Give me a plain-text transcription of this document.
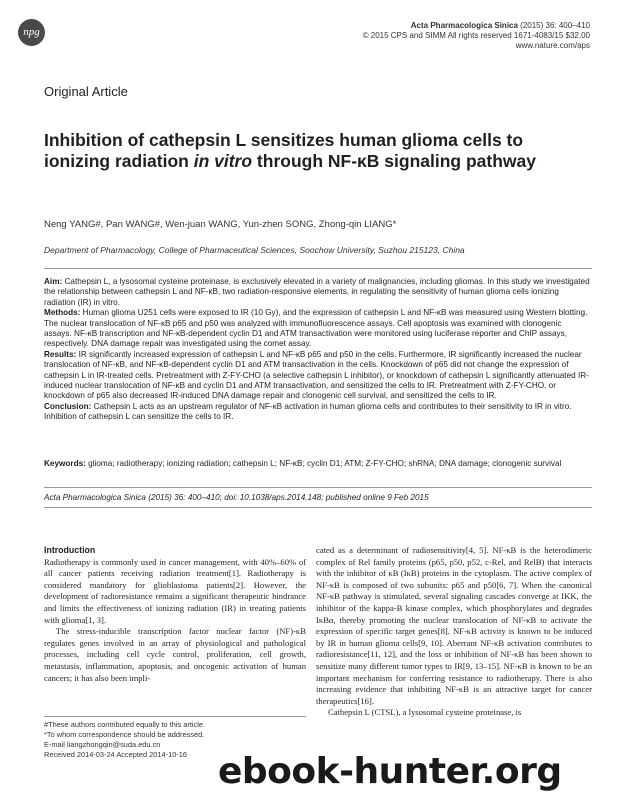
npg
Acta Pharmacologica Sinica (2015) 36: 400–410
© 2015 CPS and SIMM All rights reserved 1671-4083/15 $32.00
www.nature.com/aps
Original Article
Inhibition of cathepsin L sensitizes human glioma cells to ionizing radiation in vitro through NF-κB signaling pathway
Neng YANG#, Pan WANG#, Wen-juan WANG, Yun-zhen SONG, Zhong-qin LIANG*
Department of Pharmacology, College of Pharmaceutical Sciences, Soochow University, Suzhou 215123, China

Aim: Cathepsin L, a lysosomal cysteine proteinase, is exclusively elevated in a variety of malignancies, including gliomas. In this study we investigated the relationship between cathepsin L and NF-κB, two radiation-responsive elements, in regulating the sensitivity of human glioma cells ionizing radiation (IR) in vitro.

Methods: Human glioma U251 cells were exposed to IR (10 Gy), and the expression of cathepsin L and NF-κB was measured using Western blotting. The nuclear translocation of NF-κB p65 and p50 was analyzed with immunofluorescence assays. Cell apoptosis was examined with clonogenic assays. NF-κB transcription and NF-κB-dependent cyclin D1 and ATM transactivation were monitored using luciferase reporter and ChIP assays, respectively. DNA damage repair was investigated using the comet assay.

Results: IR significantly increased expression of cathepsin L and NF-κB p65 and p50 in the cells. Furthermore, IR significantly increased the nuclear translocation of NF-κB, and NF-κB-dependent cyclin D1 and ATM transactivation in the cells. Knockdown of p65 did not change the expression of cathepsin L in IR-treated cells. Pretreatment with Z-FY-CHO (a selective cathepsin L inhibitor), or knockdown of cathepsin L significantly attenuated IR-induced nuclear translocation of NF-κB and cyclin D1 and ATM transactivation, and sensitized the cells to IR. Pretreatment with Z-FY-CHO, or knockdown of p65 also decreased IR-induced DNA damage repair and clonogenic cell survival, and sensitized the cells to IR.

Conclusion: Cathepsin L acts as an upstream regulator of NF-κB activation in human glioma cells and contributes to their sensitivity to IR in vitro. Inhibition of cathepsin L can sensitize the cells to IR.

Keywords: glioma; radiotherapy; ionizing radiation; cathepsin L; NF-κB; cyclin D1; ATM; Z-FY-CHO; shRNA; DNA damage; clonogenic survival
Acta Pharmacologica Sinica (2015) 36: 400–410; doi: 10.1038/aps.2014.148; published online 9 Feb 2015

Introduction

Radiotherapy is commonly used in cancer management, with 40%–60% of all cancer patients receiving radiation treatment[1]. Radiotherapy is considered mandatory for glioblastoma patients[2]. However, the development of radioresistance remains a significant therapeutic hindrance and limits the effectiveness of ionizing radiation (IR) in treating patients with glioma[1, 3].

The stress-inducible transcription factor nuclear factor (NF)-κB regulates genes involved in an array of physiological and pathological processes, including cell cycle control, proliferation, cell growth, metastasis, inflammation, apoptosis, and oncogenic activation of human cancers; it has also been impli-

cated as a determinant of radiosensitivity[4, 5]. NF-κB is the heterodimeric complex of Rel family proteins (p65, p50, p52, c-Rel, and RelB) that interacts with the inhibitor of κB (IκB) proteins in the cytoplasm. The active complex of NF-κB is composed of two subunits: p65 and p50[6, 7]. When the canonical NF-κB pathway is stimulated, several signaling cascades converge at IKK, the inhibitor of the kappa-B kinase complex, which phosphorylates and degrades IκBα, thereby promoting the nuclear translocation of NF-κB to activate the expression of specific target genes[8]. NF-κB activity is known to be induced by IR in human glioma cells[9, 10]. Aberrant NF-κB activation contributes to radioresistance[11, 12], and the loss or inhibition of NF-κB has been shown to sensitize many different tumor types to IR[9, 13–15]. NF-κB is known to be an important mechanism for conferring resistance to radiotherapy. There is also increasing evidence that inhibiting NF-κB is an attractive target for cancer therapeutics[16].

Cathepsin L (CTSL), a lysosomal cysteine proteinase, is

#These authors contributed equally to this article.
*To whom correspondence should be addressed.
E-mail liangzhongqin@suda.edu.cn
Received 2014-03-24 Accepted 2014-10-16 ebook-hunter.org
